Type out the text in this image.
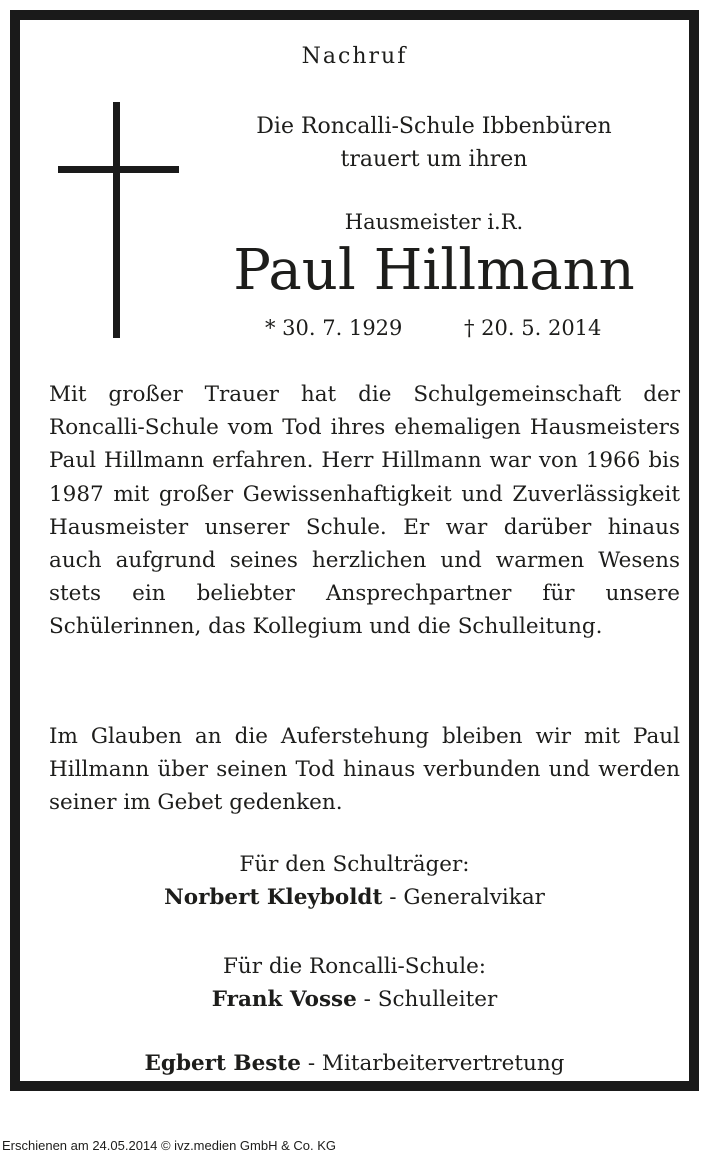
Nachruf
Die Roncalli-Schule Ibbenbüren
trauert um ihren
Hausmeister i.R.
Paul Hillmann
* 30. 7. 1929	† 20. 5. 2014
Mit großer Trauer hat die Schulgemeinschaft der Roncalli-Schule vom Tod ihres ehemaligen Hausmeisters Paul Hillmann erfahren. Herr Hillmann war von 1966 bis 1987 mit großer Gewissenhaftigkeit und Zuverlässigkeit Hausmeister unserer Schule. Er war darüber hinaus auch aufgrund seines herzlichen und warmen Wesens stets ein beliebter Ansprechpartner für unsere Schülerinnen, das Kollegium und die Schulleitung.
Im Glauben an die Auferstehung bleiben wir mit Paul Hillmann über seinen Tod hinaus verbunden und werden seiner im Gebet gedenken.
Für den Schulträger:
Norbert Kleyboldt - Generalvikar
Für die Roncalli-Schule:
Frank Vosse - Schulleiter
Egbert Beste - Mitarbeitervertretung
Erschienen am 24.05.2014 © ivz.medien GmbH & Co. KG
